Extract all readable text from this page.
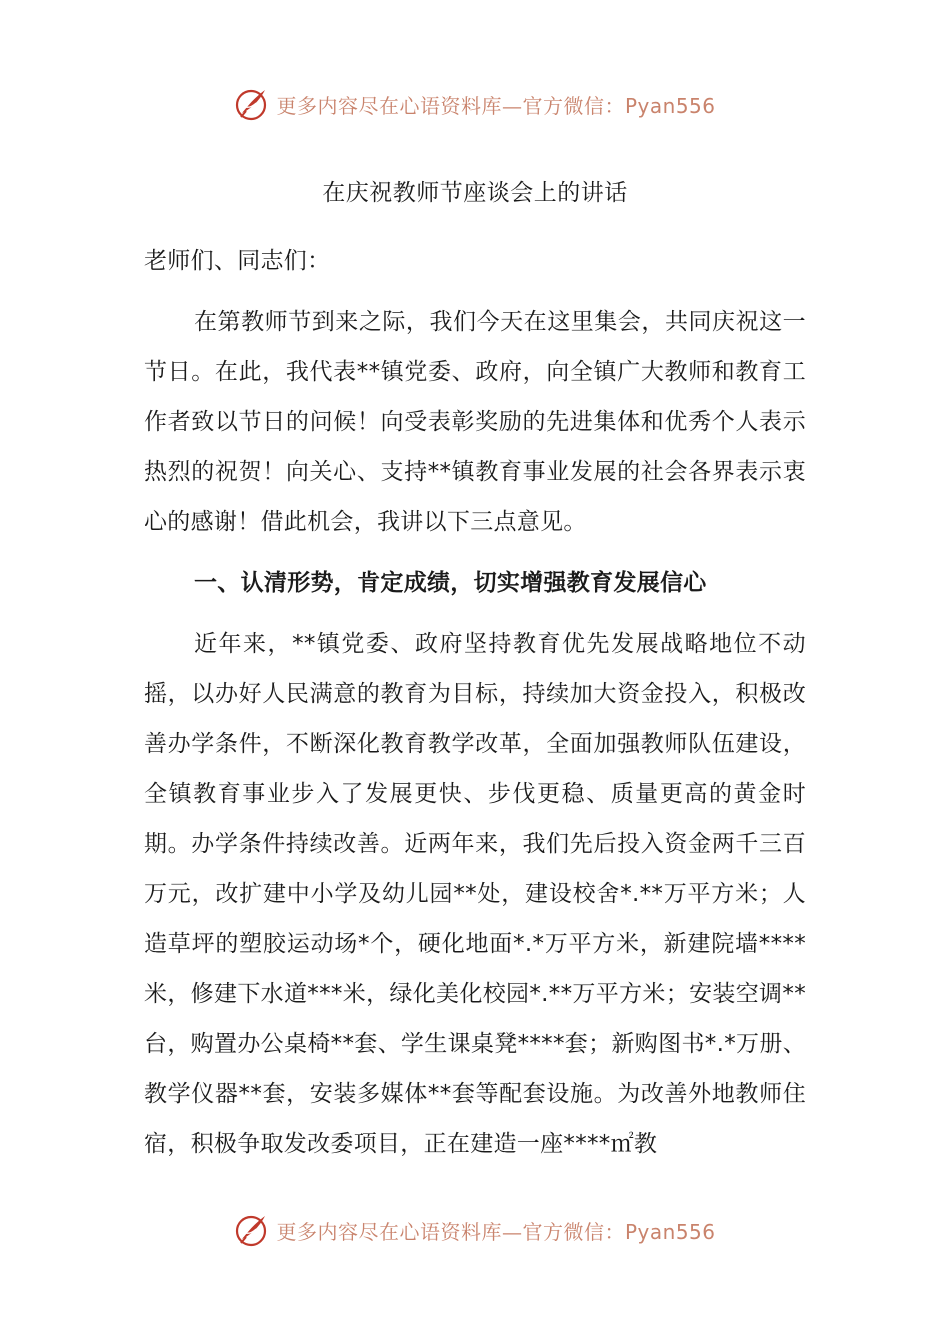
更多内容尽在心语资料库—官方微信：Pyan556
在庆祝教师节座谈会上的讲话

老师们、同志们：

在第教师节到来之际，我们今天在这里集会，共同庆祝这一节日。在此，我代表**镇党委、政府，向全镇广大教师和教育工作者致以节日的问候！向受表彰奖励的先进集体和优秀个人表示热烈的祝贺！向关心、支持**镇教育事业发展的社会各界表示衷心的感谢！借此机会，我讲以下三点意见。

一、认清形势，肯定成绩，切实增强教育发展信心

近年来，**镇党委、政府坚持教育优先发展战略地位不动摇，以办好人民满意的教育为目标，持续加大资金投入，积极改善办学条件，不断深化教育教学改革，全面加强教师队伍建设，全镇教育事业步入了发展更快、步伐更稳、质量更高的黄金时期。办学条件持续改善。近两年来，我们先后投入资金两千三百万元，改扩建中小学及幼儿园**处，建设校舍*.**万平方米；人造草坪的塑胶运动场*个，硬化地面*.*万平方米，新建院墙****米，修建下水道***米，绿化美化校园*.**万平方米；安装空调**台，购置办公桌椅**套、学生课桌凳****套；新购图书*.*万册、教学仪器**套，安装多媒体**套等配套设施。为改善外地教师住宿，积极争取发改委项目，正在建造一座****㎡教

更多内容尽在心语资料库—官方微信：Pyan556
